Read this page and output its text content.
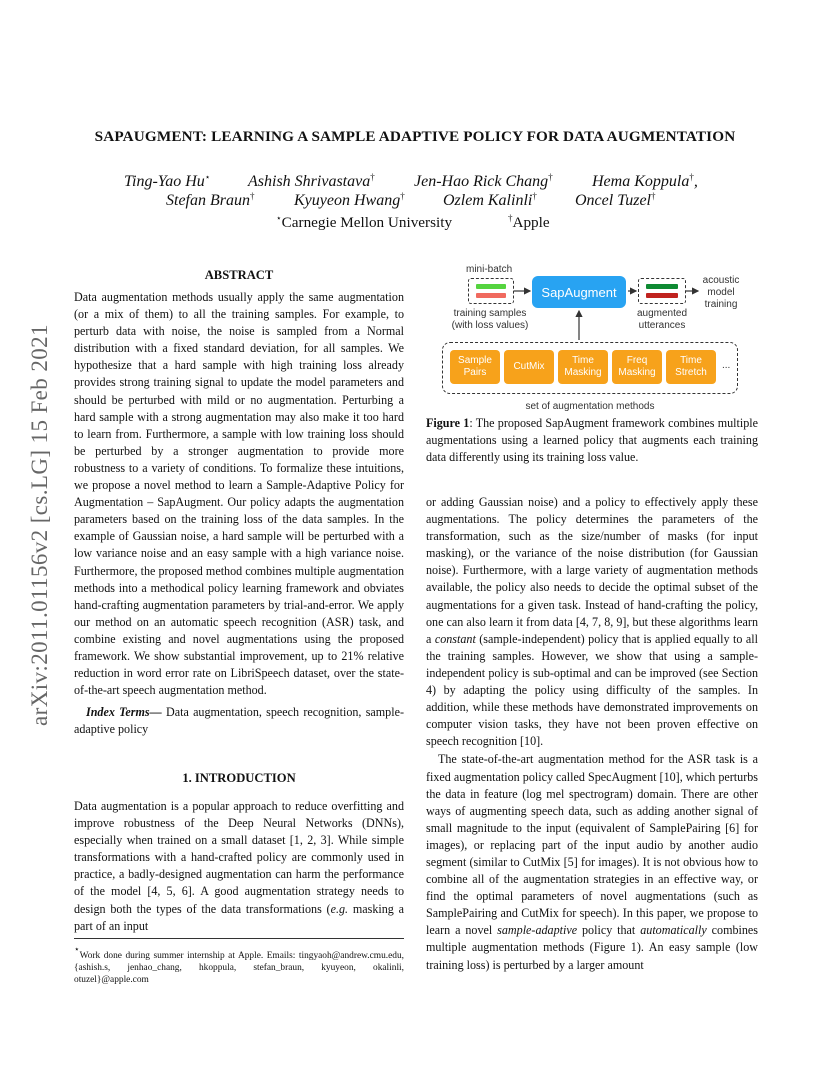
arXiv:2011.01156v2 [cs.LG] 15 Feb 2021
SAPAUGMENT: LEARNING A SAMPLE ADAPTIVE POLICY FOR DATA AUGMENTATION
Ting-Yao Hu⋆ Ashish Shrivastava† Jen-Hao Rick Chang† Hema Koppula†,
Stefan Braun† Kyuyeon Hwang† Ozlem Kalinli† Oncel Tuzel†
⋆Carnegie Mellon University	†Apple
ABSTRACT

Data augmentation methods usually apply the same augmentation (or a mix of them) to all the training samples. For example, to perturb data with noise, the noise is sampled from a Normal distribution with a fixed standard deviation, for all samples. We hypothesize that a hard sample with high training loss already provides strong training signal to update the model parameters and should be perturbed with mild or no augmentation. Perturbing a hard sample with a strong augmentation may also make it too hard to learn from. Furthermore, a sample with low training loss should be perturbed by a stronger augmentation to provide more robustness to a variety of conditions. To formalize these intuitions, we propose a novel method to learn a Sample-Adaptive Policy for Augmentation – SapAugment. Our policy adapts the augmentation parameters based on the training loss of the data samples. In the example of Gaussian noise, a hard sample will be perturbed with a low variance noise and an easy sample with a high variance noise. Furthermore, the proposed method combines multiple augmentation methods into a methodical policy learning framework and obviates hand-crafting augmentation parameters by trial-and-error. We apply our method on an automatic speech recognition (ASR) task, and combine existing and novel augmentations using the proposed framework. We show substantial improvement, up to 21% relative reduction in word error rate on LibriSpeech dataset, over the state-of-the-art speech augmentation method.

Index Terms— Data augmentation, speech recognition, sample-adaptive policy

1. INTRODUCTION

Data augmentation is a popular approach to reduce overfitting and improve robustness of the Deep Neural Networks (DNNs), especially when trained on a small dataset [1, 2, 3]. While simple transformations with a hand-crafted policy are commonly used in practice, a badly-designed augmentation can harm the performance of the model [4, 5, 6]. A good augmentation strategy needs to design both the types of the data transformations (e.g. masking a part of an input

⋆Work done during summer internship at Apple. Emails: tingyaoh@andrew.cmu.edu, {ashish.s, jenhao_chang, hkoppula, stefan_braun, kyuyeon, okalinli, otuzel}@apple.com
mini-batch
training samples
(with loss values)
SapAugment
augmented
utterances
acoustic
model
training
Sample
Pairs
CutMix
Time
Masking
Freq
Masking
Time
Stretch
...
set of augmentation methods
Figure 1: The proposed SapAugment framework combines multiple augmentations using a learned policy that augments each training data differently using its training loss value.

or adding Gaussian noise) and a policy to effectively apply these augmentations. The policy determines the parameters of the transformation, such as the size/number of masks (for input masking), or the variance of the noise distribution (for Gaussian noise). Furthermore, with a large variety of augmentation methods available, the policy also needs to decide the optimal subset of the augmentations for a given task. Instead of hand-crafting the policy, one can also learn it from data [4, 7, 8, 9], but these algorithms learn a constant (sample-independent) policy that is applied equally to all the training samples. However, we show that using a sample-independent policy is sub-optimal and can be improved (see Section 4) by adapting the policy using difficulty of the samples. In addition, while these methods have demonstrated improvements on computer vision tasks, they have not been proven effective on speech recognition [10].

The state-of-the-art augmentation method for the ASR task is a fixed augmentation policy called SpecAugment [10], which perturbs the data in feature (log mel spectrogram) domain. There are other ways of augmenting speech data, such as adding another signal of small magnitude to the input (equivalent of SamplePairing [6] for images), or replacing part of the input audio by another audio segment (similar to CutMix [5] for images). It is not obvious how to combine all of the augmentation strategies in an effective way, or find the optimal parameters of novel augmentations (such as SamplePairing and CutMix for speech). In this paper, we propose to learn a novel sample-adaptive policy that automatically combines multiple augmentation methods (Figure 1). An easy sample (low training loss) is perturbed by a larger amount
